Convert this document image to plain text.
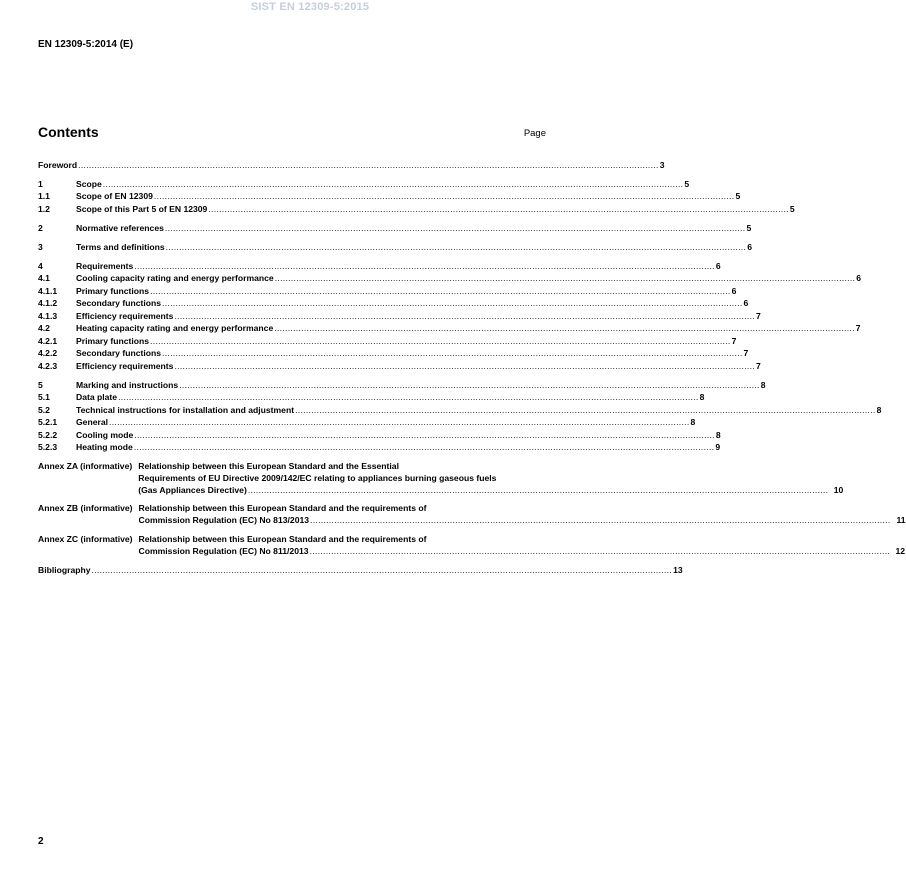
SIST EN 12309-5:2015
EN 12309-5:2014 (E)
Contents	Page
Foreword .....	3
1	Scope .....	5
1.1	Scope of EN 12309 .....	5
1.2	Scope of this Part 5 of EN 12309 .....	5
2	Normative references .....	5
3	Terms and definitions .....	6
4	Requirements .....	6
4.1	Cooling capacity rating and energy performance .....	6
4.1.1	Primary functions .....	6
4.1.2	Secondary functions .....	6
4.1.3	Efficiency requirements .....	7
4.2	Heating capacity rating and energy performance .....	7
4.2.1	Primary functions .....	7
4.2.2	Secondary functions .....	7
4.2.3	Efficiency requirements .....	7
5	Marking and instructions .....	8
5.1	Data plate .....	8
5.2	Technical instructions for installation and adjustment .....	8
5.2.1	General .....	8
5.2.2	Cooling mode .....	8
5.2.3	Heating mode .....	9
Annex ZA (informative) Relationship between this European Standard and the Essential
Requirements of EU Directive 2009/142/EC relating to appliances burning gaseous fuels
(Gas Appliances Directive) .....	10
Annex ZB (informative) Relationship between this European Standard and the requirements of
Commission Regulation (EC) No 813/2013 .....	11
Annex ZC (informative) Relationship between this European Standard and the requirements of
Commission Regulation (EC) No 811/2013 .....	12
Bibliography .....	13
2
